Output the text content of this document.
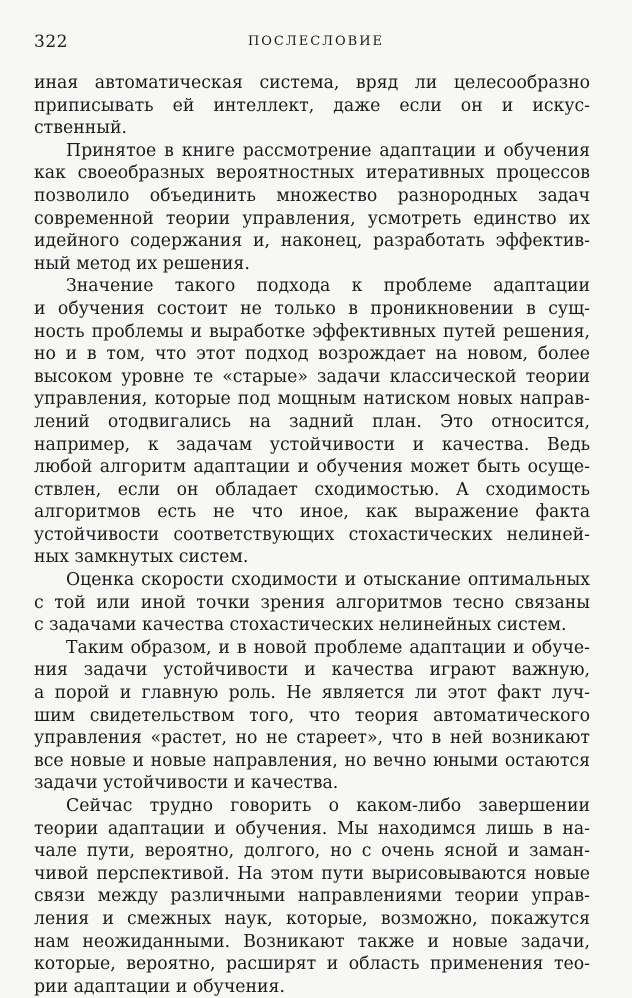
322	ПОСЛЕСЛОВИЕ
иная автоматическая система, вряд ли целесообразно
приписывать ей интеллект, даже если он и искус-
ственный.
Принятое в книге рассмотрение адаптации и обучения
как своеобразных вероятностных итеративных процессов
позволило объединить множество разнородных задач
современной теории управления, усмотреть единство их
идейного содержания и, наконец, разработать эффектив-
ный метод их решения.
Значение такого подхода к проблеме адаптации
и обучения состоит не только в проникновении в сущ-
ность проблемы и выработке эффективных путей решения,
но и в том, что этот подход возрождает на новом, более
высоком уровне те «старые» задачи классической теории
управления, которые под мощным натиском новых направ-
лений отодвигались на задний план. Это относится,
например, к задачам устойчивости и качества. Ведь
любой алгоритм адаптации и обучения может быть осуще-
ствлен, если он обладает сходимостью. А сходимость
алгоритмов есть не что иное, как выражение факта
устойчивости соответствующих стохастических нелиней-
ных замкнутых систем.
Оценка скорости сходимости и отыскание оптимальных
с той или иной точки зрения алгоритмов тесно связаны
с задачами качества стохастических нелинейных систем.
Таким образом, и в новой проблеме адаптации и обуче-
ния задачи устойчивости и качества играют важную,
а порой и главную роль. Не является ли этот факт луч-
шим свидетельством того, что теория автоматического
управления «растет, но не стареет», что в ней возникают
все новые и новые направления, но вечно юными остаются
задачи устойчивости и качества.
Сейчас трудно говорить о каком-либо завершении
теории адаптации и обучения. Мы находимся лишь в на-
чале пути, вероятно, долгого, но с очень ясной и заман-
чивой перспективой. На этом пути вырисовываются новые
связи между различными направлениями теории управ-
ления и смежных наук, которые, возможно, покажутся
нам неожиданными. Возникают также и новые задачи,
которые, вероятно, расширят и область применения тео-
рии адаптации и обучения.
